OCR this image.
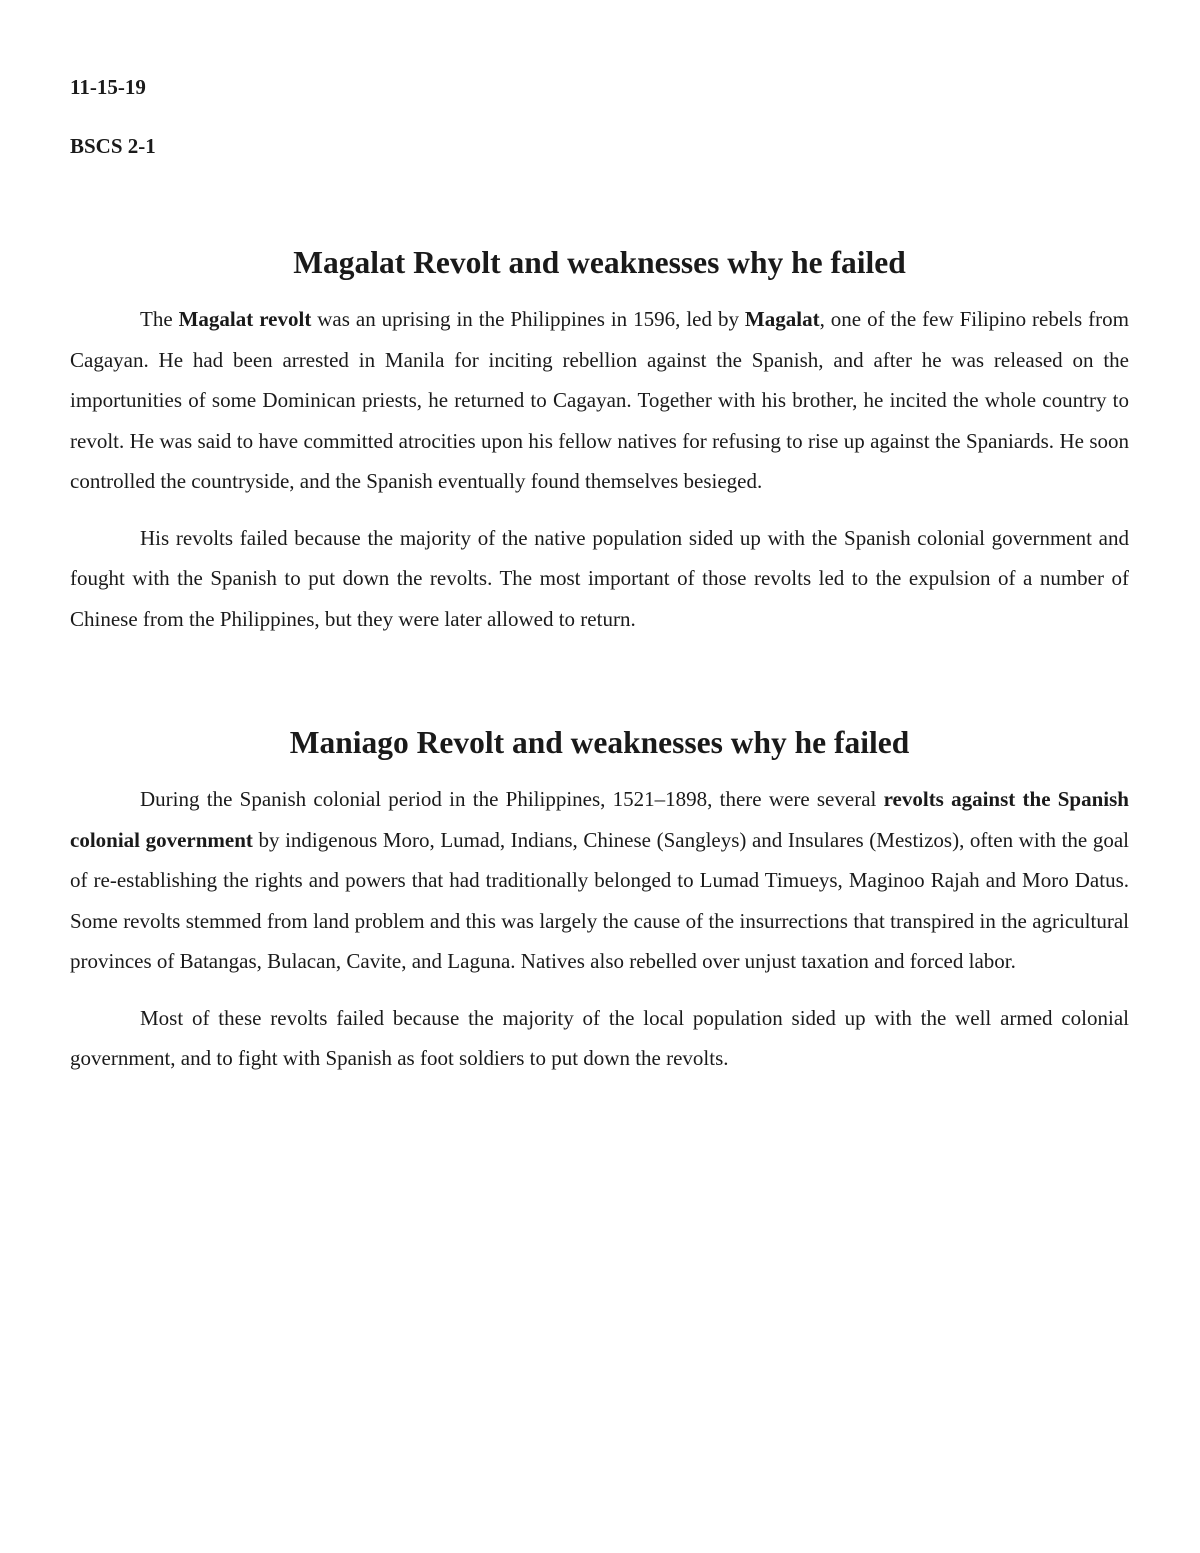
11-15-19

BSCS 2-1

Magalat Revolt and weaknesses why he failed

The Magalat revolt was an uprising in the Philippines in 1596, led by Magalat, one of the few Filipino rebels from Cagayan. He had been arrested in Manila for inciting rebellion against the Spanish, and after he was released on the importunities of some Dominican priests, he returned to Cagayan. Together with his brother, he incited the whole country to revolt. He was said to have committed atrocities upon his fellow natives for refusing to rise up against the Spaniards. He soon controlled the countryside, and the Spanish eventually found themselves besieged.

His revolts failed because the majority of the native population sided up with the Spanish colonial government and fought with the Spanish to put down the revolts. The most important of those revolts led to the expulsion of a number of Chinese from the Philippines, but they were later allowed to return.

Maniago Revolt and weaknesses why he failed

During the Spanish colonial period in the Philippines, 1521–1898, there were several revolts against the Spanish colonial government by indigenous Moro, Lumad, Indians, Chinese (Sangleys) and Insulares (Mestizos), often with the goal of re-establishing the rights and powers that had traditionally belonged to Lumad Timueys, Maginoo Rajah and Moro Datus. Some revolts stemmed from land problem and this was largely the cause of the insurrections that transpired in the agricultural provinces of Batangas, Bulacan, Cavite, and Laguna. Natives also rebelled over unjust taxation and forced labor.

Most of these revolts failed because the majority of the local population sided up with the well armed colonial government, and to fight with Spanish as foot soldiers to put down the revolts.
